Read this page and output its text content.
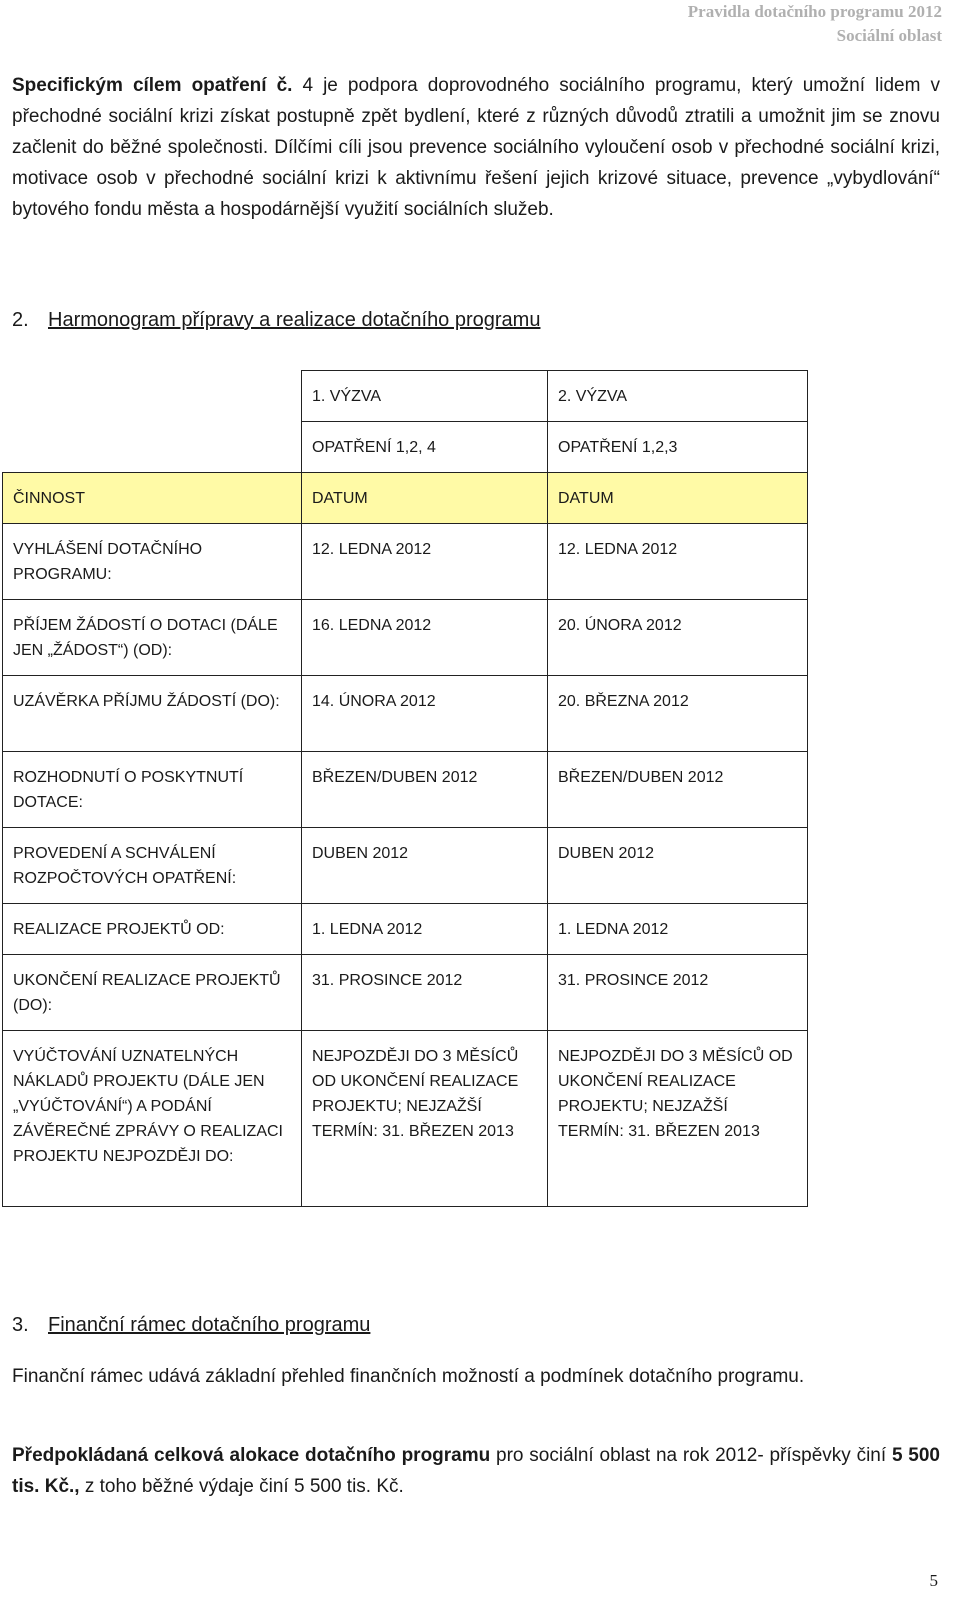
Pravidla dotačního programu 2012
Sociální oblast

Specifickým cílem opatření č. 4 je podpora doprovodného sociálního programu, který umožní lidem v přechodné sociální krizi získat postupně zpět bydlení, které z různých důvodů ztratili a umožnit jim se znovu začlenit do běžné společnosti. Dílčími cíli jsou prevence sociálního vyloučení osob v přechodné sociální krizi, motivace osob v přechodné sociální krizi k aktivnímu řešení jejich krizové situace, prevence „vybydlování“ bytového fondu města a hospodárnější využití sociálních služeb.

2. Harmonogram přípravy a realizace dotačního programu
	1. VÝZVA	2. VÝZVA
	OPATŘENÍ 1,2, 4	OPATŘENÍ 1,2,3
ČINNOST	DATUM	DATUM
VYHLÁŠENÍ DOTAČNÍHO PROGRAMU:	12. LEDNA 2012	12. LEDNA 2012
PŘÍJEM ŽÁDOSTÍ O DOTACI (DÁLE JEN „ŽÁDOST“) (OD):	16. LEDNA 2012	20. ÚNORA 2012
UZÁVĚRKA PŘÍJMU ŽÁDOSTÍ (DO):	14. ÚNORA 2012	20. BŘEZNA 2012
ROZHODNUTÍ O POSKYTNUTÍ DOTACE:	BŘEZEN/DUBEN 2012	BŘEZEN/DUBEN 2012
PROVEDENÍ A SCHVÁLENÍ ROZPOČTOVÝCH OPATŘENÍ:	DUBEN 2012	DUBEN 2012
REALIZACE PROJEKTŮ OD:	1. LEDNA 2012	1. LEDNA 2012
UKONČENÍ REALIZACE PROJEKTŮ (DO):	31. PROSINCE 2012	31. PROSINCE 2012
VYÚČTOVÁNÍ UZNATELNÝCH NÁKLADŮ PROJEKTU (DÁLE JEN „VYÚČTOVÁNÍ“) A PODÁNÍ ZÁVĚREČNÉ ZPRÁVY O REALIZACI PROJEKTU NEJPOZDĚJI DO:	NEJPOZDĚJI DO 3 MĚSÍCŮ OD UKONČENÍ REALIZACE PROJEKTU; NEJZAŽŠÍ TERMÍN: 31. BŘEZEN 2013	NEJPOZDĚJI DO 3 MĚSÍCŮ OD UKONČENÍ REALIZACE PROJEKTU; NEJZAŽŠÍ TERMÍN: 31. BŘEZEN 2013
3. Finanční rámec dotačního programu

Finanční rámec udává základní přehled finančních možností a podmínek dotačního programu.

Předpokládaná celková alokace dotačního programu pro sociální oblast na rok 2012- příspěvky činí 5 500 tis. Kč., z toho běžné výdaje činí 5 500 tis. Kč.

5
